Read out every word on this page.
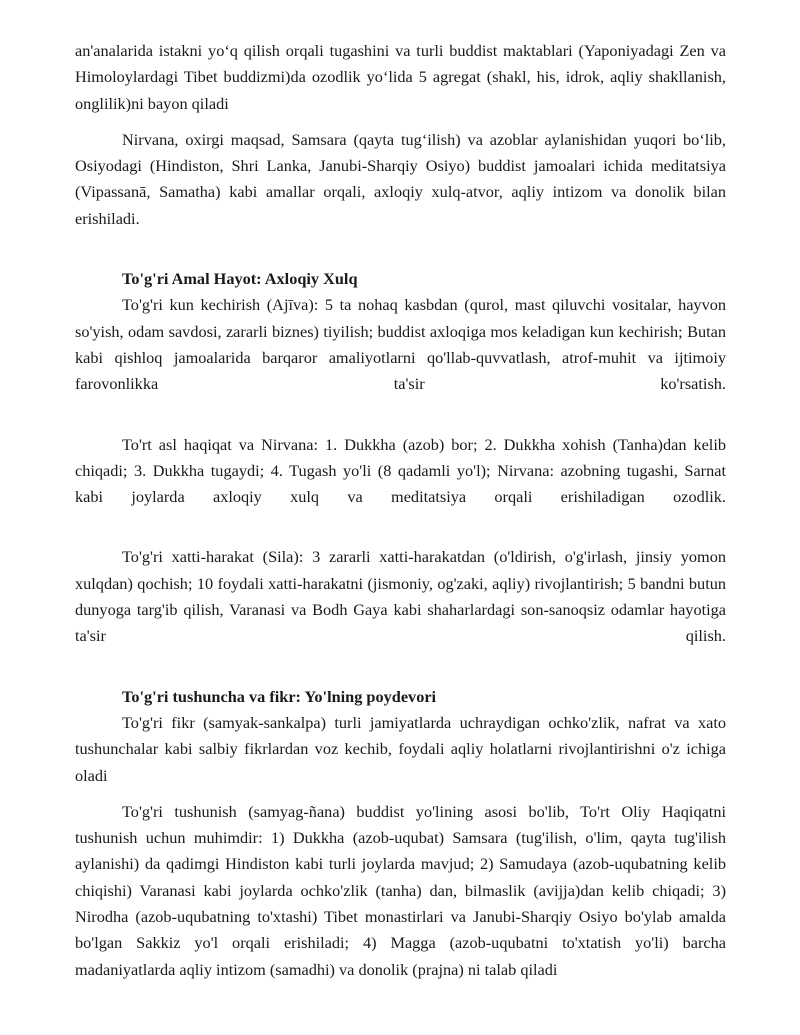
an'analarida istakni yo‘q qilish orqali tugashini va turli buddist maktablari (Yaponiyadagi Zen va Himoloylardagi Tibet buddizmi)da ozodlik yo‘lida 5 agregat (shakl, his, idrok, aqliy shakllanish, onglilik)ni bayon qiladi

Nirvana, oxirgi maqsad, Samsara (qayta tug‘ilish) va azoblar aylanishidan yuqori bo‘lib, Osiyodagi (Hindiston, Shri Lanka, Janubi-Sharqiy Osiyo) buddist jamoalari ichida meditatsiya (Vipassanā, Samatha) kabi amallar orqali, axloqiy xulq-atvor, aqliy intizom va donolik bilan erishiladi.

To'g'ri Amal Hayot: Axloqiy Xulq

To'g'ri kun kechirish (Ajīva): 5 ta nohaq kasbdan (qurol, mast qiluvchi vositalar, hayvon so'yish, odam savdosi, zararli biznes) tiyilish; buddist axloqiga mos keladigan kun kechirish; Butan kabi qishloq jamoalarida barqaror amaliyotlarni qo'llab-quvvatlash, atrof-muhit va ijtimoiy farovonlikka ta'sir ko'rsatish.

To'rt asl haqiqat va Nirvana: 1. Dukkha (azob) bor; 2. Dukkha xohish (Tanha)dan kelib chiqadi; 3. Dukkha tugaydi; 4. Tugash yo'li (8 qadamli yo'l); Nirvana: azobning tugashi, Sarnat kabi joylarda axloqiy xulq va meditatsiya orqali erishiladigan ozodlik.

To'g'ri xatti-harakat (Sila): 3 zararli xatti-harakatdan (o'ldirish, o'g'irlash, jinsiy yomon xulqdan) qochish; 10 foydali xatti-harakatni (jismoniy, og'zaki, aqliy) rivojlantirish; 5 bandni butun dunyoga targ'ib qilish, Varanasi va Bodh Gaya kabi shaharlardagi son-sanoqsiz odamlar hayotiga ta'sir qilish.

To'g'ri tushuncha va fikr: Yo'lning poydevori

To'g'ri fikr (samyak-sankalpa) turli jamiyatlarda uchraydigan ochko'zlik, nafrat va xato tushunchalar kabi salbiy fikrlardan voz kechib, foydali aqliy holatlarni rivojlantirishni o'z ichiga oladi

To'g'ri tushunish (samyag-ñana) buddist yo'lining asosi bo'lib, To'rt Oliy Haqiqatni tushunish uchun muhimdir: 1) Dukkha (azob-uqubat) Samsara (tug'ilish, o'lim, qayta tug'ilish aylanishi) da qadimgi Hindiston kabi turli joylarda mavjud; 2) Samudaya (azob-uqubatning kelib chiqishi) Varanasi kabi joylarda ochko'zlik (tanha) dan, bilmaslik (avijja)dan kelib chiqadi; 3) Nirodha (azob-uqubatning to'xtashi) Tibet monastirlari va Janubi-Sharqiy Osiyo bo'ylab amalda bo'lgan Sakkiz yo'l orqali erishiladi; 4) Magga (azob-uqubatni to'xtatish yo'li) barcha madaniyatlarda aqliy intizom (samadhi) va donolik (prajna) ni talab qiladi
